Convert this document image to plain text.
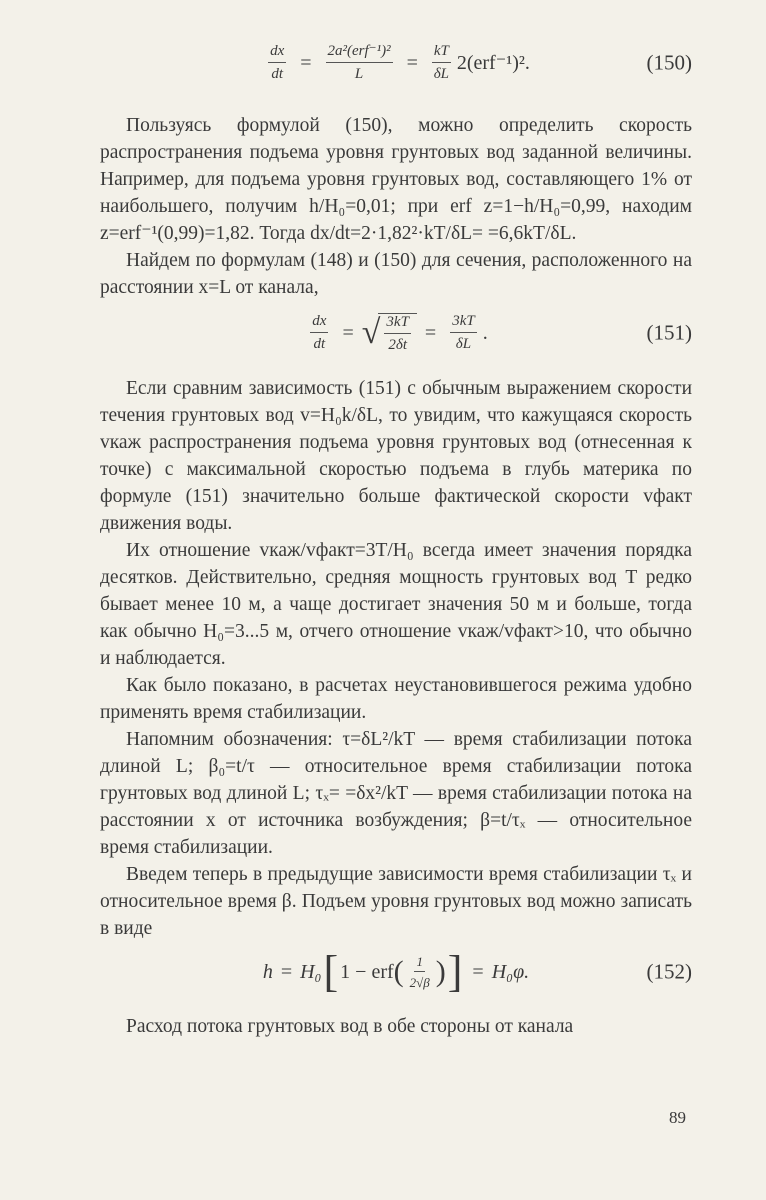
$\frac{dx}{dt} = \frac{\text{2a²(erf⁻¹)²}}{L} = \frac{kT}{\delta L} 2(erf^{-1})^2$.	(150)

Пользуясь формулой (150), можно определить скорость распространения подъема уровня грунтовых вод заданной величины. Например, для подъема уровня грунтовых вод, составляющего 1% от наибольшего, получим h/H₀=0,01; при erf z=1−h/H₀=0,99, находим z=erf⁻¹(0,99)=1,82. Тогда dx/dt=2·1,82²·kT/δL= =6,6kT/δL.

Найдем по формулам (148) и (150) для сечения, расположенного на расстоянии x=L от канала,

$\frac{dx}{dt}$ = √ $\frac{3kT}{2\delta t} = \frac{3kT}{\delta L}$ .	(151)

Если сравним зависимость (151) с обычным выражением скорости течения грунтовых вод v=H₀k/δL, то увидим, что кажущаяся скорость vкаж распространения подъема уровня грунтовых вод (отнесенная к точке) с максимальной скоростью подъема в глубь материка по формуле (151) значительно больше фактической скорости vфакт движения воды.

Их отношение vкаж/vфакт=3T/H₀ всегда имеет значения порядка десятков. Действительно, средняя мощность грунтовых вод T редко бывает менее 10 м, а чаще достигает значения 50 м и больше, тогда как обычно H₀=3...5 м, отчего отношение vкаж/vфакт>10, что обычно и наблюдается.

Как было показано, в расчетах неустановившегося режима удобно применять время стабилизации.

Напомним обозначения: τ=δL²/kT — время стабилизации потока длиной L; β₀=t/τ — относительное время стабилизации потока грунтовых вод длиной L; τₓ= =δx²/kT — время стабилизации потока на расстоянии x от источника возбуждения; β=t/τₓ — относительное время стабилизации.

Введем теперь в предыдущие зависимости время стабилизации τₓ и относительное время β. Подъем уровня грунтовых вод можно записать в виде

h = H₀ [ 1 − erf ( $\frac{1}{2√\beta}$ ) ] = H₀φ.	(152)

Расход потока грунтовых вод в обе стороны от канала

89
